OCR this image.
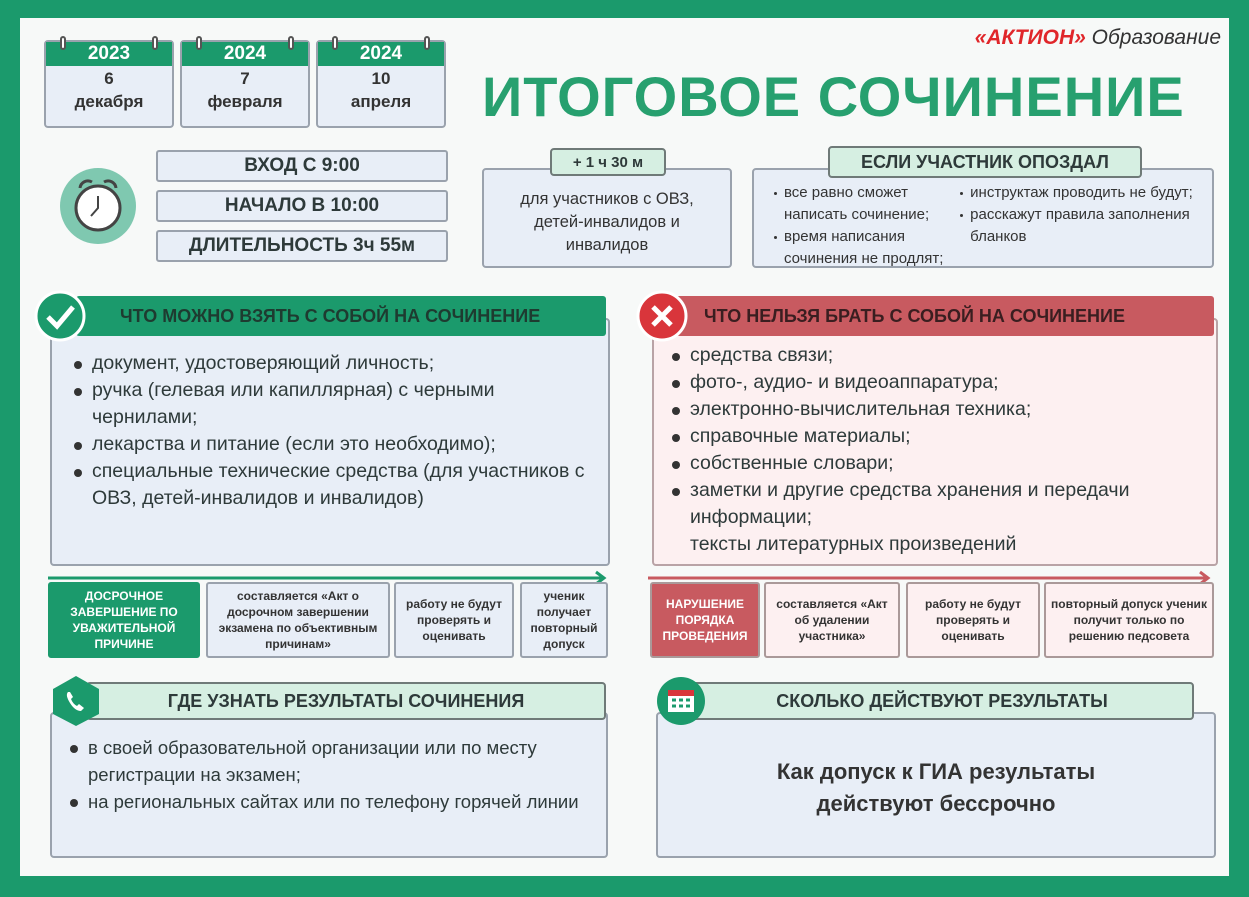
«АКТИОН» Образование
ИТОГОВОЕ СОЧИНЕНИЕ
2023
6
декабря
2024
7
февраля
2024
10
апреля
ВХОД С 9:00
НАЧАЛО В 10:00
ДЛИТЕЛЬНОСТЬ 3ч 55м
для участников с ОВЗ, детей-инвалидов и инвалидов
+ 1 ч 30 м
все равно сможет написать сочинение;
время написания сочинения не продлят;
инструктаж проводить не будут;
расскажут правила заполнения бланков
ЕСЛИ УЧАСТНИК ОПОЗДАЛ
документ, удостоверяющий личность;
ручка (гелевая или капиллярная) с черными чернилами;
лекарства и питание (если это необходимо);
специальные технические средства (для участников с ОВЗ, детей-инвалидов и инвалидов)
ЧТО МОЖНО ВЗЯТЬ С СОБОЙ НА СОЧИНЕНИЕ
средства связи;
фото-, аудио- и видеоаппаратура;
электронно-вычислительная техника;
справочные материалы;
собственные словари;
заметки и другие средства хранения и передачи информации;
тексты литературных произведений
ЧТО НЕЛЬЗЯ БРАТЬ С СОБОЙ НА СОЧИНЕНИЕ
ДОСРОЧНОЕ ЗАВЕРШЕНИЕ ПО УВАЖИТЕЛЬНОЙ ПРИЧИНЕ
составляется «Акт о досрочном завершении экзамена по объективным причинам»
работу не будут проверять и оценивать
ученик получает повторный допуск
НАРУШЕНИЕ ПОРЯДКА ПРОВЕДЕНИЯ
составляется «Акт об удалении участника»
работу не будут проверять и оценивать
повторный допуск ученик получит только по решению педсовета
в своей образовательной организации или по месту регистрации на экзамен;
на региональных сайтах или по телефону горячей линии
ГДЕ УЗНАТЬ РЕЗУЛЬТАТЫ СОЧИНЕНИЯ
Как допуск к ГИА результаты действуют бессрочно
СКОЛЬКО ДЕЙСТВУЮТ РЕЗУЛЬТАТЫ
